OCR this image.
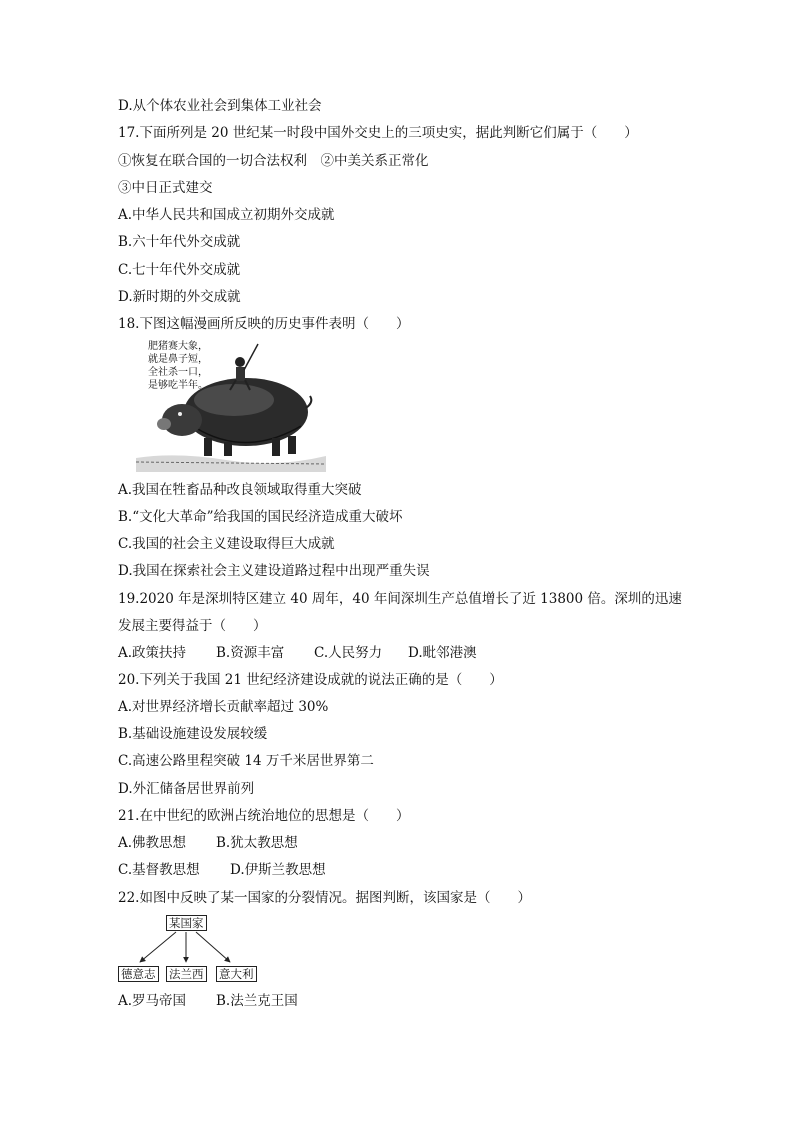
D.从个体农业社会到集体工业社会
17.下面所列是 20 世纪某一时段中国外交史上的三项史实，据此判断它们属于（　　）
①恢复在联合国的一切合法权利　②中美关系正常化
③中日正式建交
A.中华人民共和国成立初期外交成就
B.六十年代外交成就
C.七十年代外交成就
D.新时期的外交成就
18.下图这幅漫画所反映的历史事件表明（　　）
肥猪赛大象，
就是鼻子短，
全社杀一口，
是够吃半年。
A.我国在牲畜品种改良领域取得重大突破
B.“文化大革命”给我国的国民经济造成重大破坏
C.我国的社会主义建设取得巨大成就
D.我国在探索社会主义建设道路过程中出现严重失误
19.2020 年是深圳特区建立 40 周年，40 年间深圳生产总值增长了近 13800 倍。深圳的迅速
发展主要得益于（　　）
A.政策扶持 B.资源丰富 C.人民努力 D.毗邻港澳
20.下列关于我国 21 世纪经济建设成就的说法正确的是（　　）
A.对世界经济增长贡献率超过 30%
B.基础设施建设发展较缓
C.高速公路里程突破 14 万千米居世界第二
D.外汇储备居世界前列
21.在中世纪的欧洲占统治地位的思想是（　　）
A.佛教思想 B.犹太教思想
C.基督教思想 D.伊斯兰教思想
22.如图中反映了某一国家的分裂情况。据图判断，该国家是（　　）
某国家
德意志 法兰西 意大利
A.罗马帝国 B.法兰克王国
